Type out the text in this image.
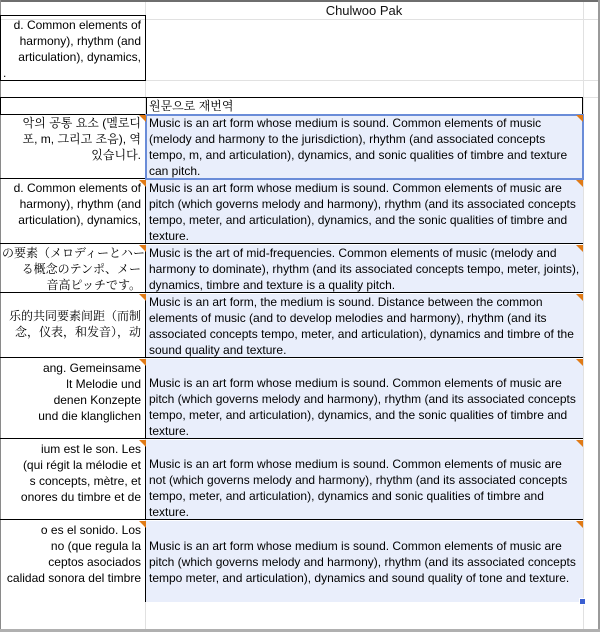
Chulwoo Pak
d. Common elements of
harmony), rhythm (and
articulation), dynamics,
.
원문으로 재번역
악의 공통 요소 (멜로디
포, m, 그리고 조음), 역
있습니다.
Music is an art form whose medium is sound. Common elements of music (melody and harmony to the jurisdiction), rhythm (and associated concepts tempo, m, and articulation), dynamics, and sonic qualities of timbre and texture can pitch.
d. Common elements of
harmony), rhythm (and
articulation), dynamics,
Music is an art form whose medium is sound. Common elements of music are pitch (which governs melody and harmony), rhythm (and its associated concepts tempo, meter, and articulation), dynamics, and the sonic qualities of timbre and texture.
の要素（メロディーとハー
る概念のテンポ、メー
音高ピッチです。
Music is the art of mid-frequencies. Common elements of music (melody and harmony to dominate), rhythm (and its associated concepts tempo, meter, joints), dynamics, timbre and texture is a quality pitch.
乐的共同要素间距（而制
念，仪表，和发音），动
Music is an art form, the medium is sound. Distance between the common elements of music (and to develop melodies and harmony), rhythm (and its associated concepts tempo, meter, and articulation), dynamics and timbre of the sound quality and texture.
ang. Gemeinsame
lt Melodie und
denen Konzepte
und die klanglichen
Music is an art form whose medium is sound. Common elements of music are pitch (which governs melody and harmony), rhythm (and its associated concepts tempo, meter, and articulation), dynamics, and the sonic qualities of timbre and texture.
ium est le son. Les
(qui régit la mélodie et
s concepts, mètre, et
onores du timbre et de
Music is an art form whose medium is sound. Common elements of music are not (which governs melody and harmony), rhythm (and its associated concepts tempo, meter, and articulation), dynamics and sonic qualities of timbre and texture.
o es el sonido. Los
no (que regula la
ceptos asociados
calidad sonora del timbre
Music is an art form whose medium is sound. Common elements of music are pitch (which governs melody and harmony), rhythm (and its associated concepts tempo meter, and articulation), dynamics and sound quality of tone and texture.
